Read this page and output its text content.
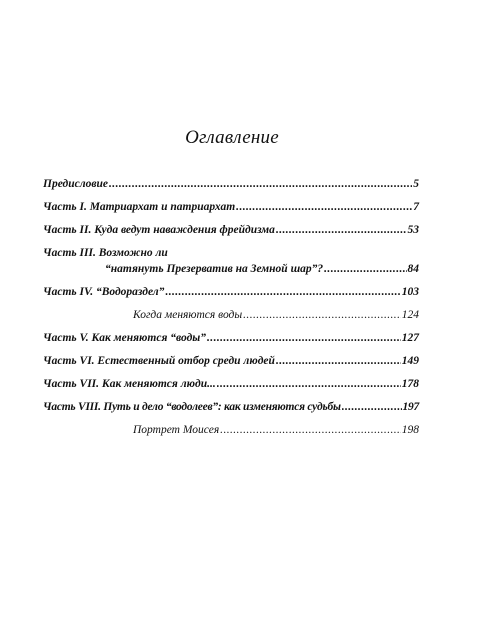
Оглавление
Предисловие .....	5
Часть I. Матриархат и патриархат .....	7
Часть II. Куда ведут наваждения фрейдизма .....	53
Часть III. Возможно ли
“натянуть Презерватив на Земной шар”? .....	84
Часть IV. “Водораздел” .....	103
Когда меняются воды .....	124
Часть V. Как меняются “воды” .....	127
Часть VI. Естественный отбор среди людей .....	149
Часть VII. Как меняются люди... .....	178
Часть VIII. Путь и дело “водолеев”: как изменяются судьбы .....	197
Портрет Моисея .....	198
